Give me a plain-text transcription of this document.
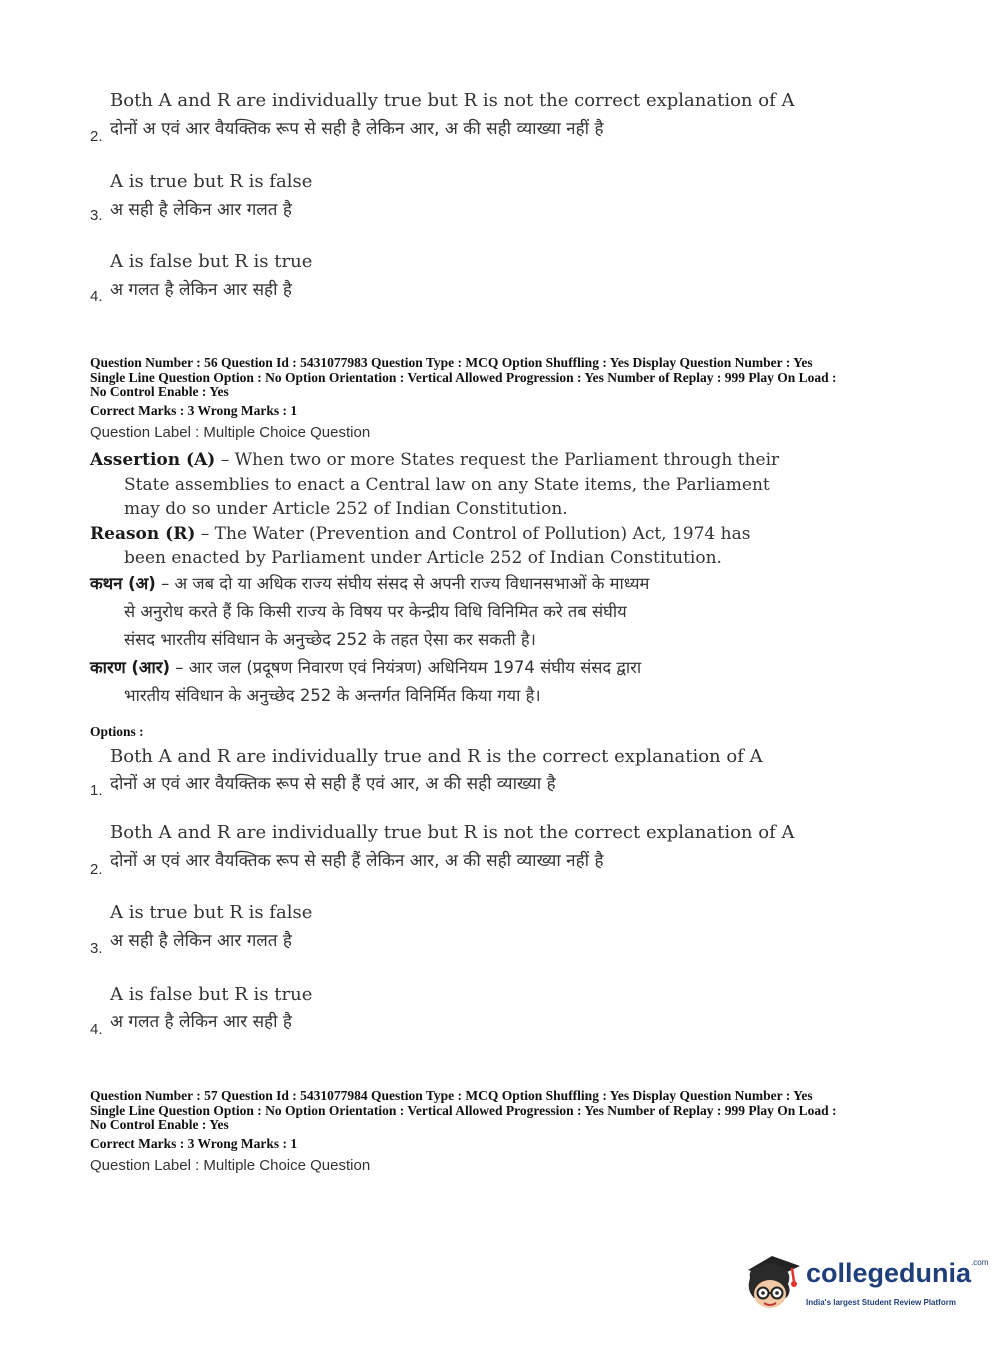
Both A and R are individually true but R is not the correct explanation of A
2. दोनों अ एवं आर वैयक्तिक रूप से सही है लेकिन आर, अ की सही व्याख्या नहीं है
A is true but R is false
3. अ सही है लेकिन आर गलत है
A is false but R is true
4. अ गलत है लेकिन आर सही है
Question Number : 56 Question Id : 5431077983 Question Type : MCQ Option Shuffling : Yes Display Question Number : Yes
Single Line Question Option : No Option Orientation : Vertical Allowed Progression : Yes Number of Replay : 999 Play On Load :
No Control Enable : Yes
Correct Marks : 3 Wrong Marks : 1
Question Label : Multiple Choice Question
Assertion (A) – When two or more States request the Parliament through their
State assemblies to enact a Central law on any State items, the Parliament
may do so under Article 252 of Indian Constitution.
Reason (R) – The Water (Prevention and Control of Pollution) Act, 1974 has
been enacted by Parliament under Article 252 of Indian Constitution.
कथन (अ) – अ जब दो या अधिक राज्य संघीय संसद से अपनी राज्य विधानसभाओं के माध्यम
से अनुरोध करते हैं कि किसी राज्य के विषय पर केन्द्रीय विधि विनिमित करे तब संघीय
संसद भारतीय संविधान के अनुच्छेद 252 के तहत ऐसा कर सकती है।
कारण (आर) – आर जल (प्रदूषण निवारण एवं नियंत्रण) अधिनियम 1974 संघीय संसद द्वारा
भारतीय संविधान के अनुच्छेद 252 के अन्तर्गत विनिर्मित किया गया है।
Options :
Both A and R are individually true and R is the correct explanation of A
1. दोनों अ एवं आर वैयक्तिक रूप से सही हैं एवं आर, अ की सही व्याख्या है
Both A and R are individually true but R is not the correct explanation of A
2. दोनों अ एवं आर वैयक्तिक रूप से सही हैं लेकिन आर, अ की सही व्याख्या नहीं है
A is true but R is false
3. अ सही है लेकिन आर गलत है
A is false but R is true
4. अ गलत है लेकिन आर सही है
Question Number : 57 Question Id : 5431077984 Question Type : MCQ Option Shuffling : Yes Display Question Number : Yes
Single Line Question Option : No Option Orientation : Vertical Allowed Progression : Yes Number of Replay : 999 Play On Load :
No Control Enable : Yes
Correct Marks : 3 Wrong Marks : 1
Question Label : Multiple Choice Question
collegedunia$^{.com}$
India's largest Student Review Platform
